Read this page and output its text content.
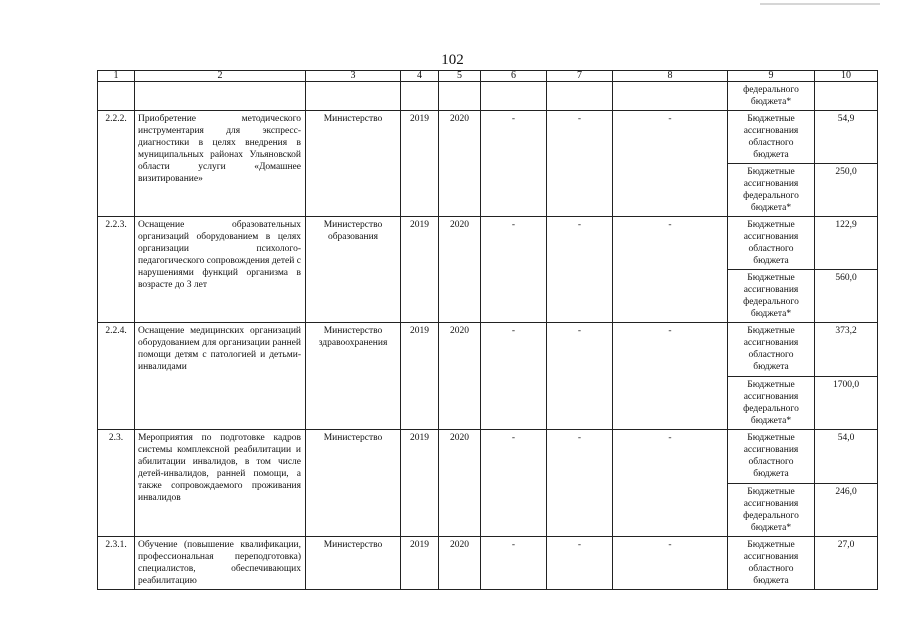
102
1	2	3	4	5	6	7	8	9	10
								федерального бюджета*	
2.2.2.	Приобретение методического инструментария для экспресс-диагностики в целях внедрения в муниципальных районах Ульяновской области услуги «Домашнее визитирование»	Министерство	2019	2020	-	-	-	Бюджетные ассигнования областного бюджета	54,9
								Бюджетные ассигнования федерального бюджета*	250,0
2.2.3.	Оснащение образовательных организаций оборудованием в целях организации психолого-педагогического сопровождения детей с нарушениями функций организма в возрасте до 3 лет	Министерство образования	2019	2020	-	-	-	Бюджетные ассигнования областного бюджета	122,9
								Бюджетные ассигнования федерального бюджета*	560,0
2.2.4.	Оснащение медицинских организаций оборудованием для организации ранней помощи детям с патологией и детьми-инвалидами	Министерство здравоохранения	2019	2020	-	-	-	Бюджетные ассигнования областного бюджета	373,2
								Бюджетные ассигнования федерального бюджета*	1700,0
2.3.	Мероприятия по подготовке кадров системы комплексной реабилитации и абилитации инвалидов, в том числе детей-инвалидов, ранней помощи, а также сопровождаемого проживания инвалидов	Министерство	2019	2020	-	-	-	Бюджетные ассигнования областного бюджета	54,0
								Бюджетные ассигнования федерального бюджета*	246,0
2.3.1.	Обучение (повышение квалификации, профессиональная переподготовка) специалистов, обеспечивающих реабилитацию	Министерство	2019	2020	-	-	-	Бюджетные ассигнования областного бюджета	27,0
